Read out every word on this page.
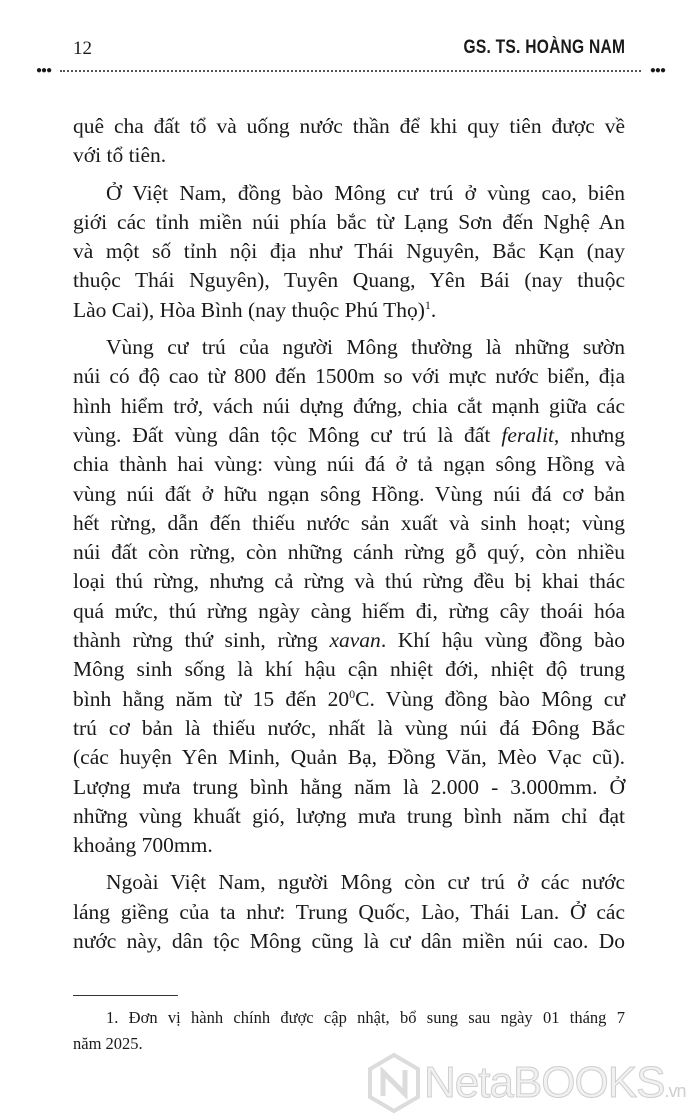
12	GS. TS. HOÀNG NAM
●●●	●●●
quê cha đất tổ và uống nước thần để khi quy tiên được về
với tổ tiên.
Ở Việt Nam, đồng bào Mông cư trú ở vùng cao, biên
giới các tỉnh miền núi phía bắc từ Lạng Sơn đến Nghệ An
và một số tỉnh nội địa như Thái Nguyên, Bắc Kạn (nay
thuộc Thái Nguyên), Tuyên Quang, Yên Bái (nay thuộc
Lào Cai), Hòa Bình (nay thuộc Phú Thọ)$^1$.
Vùng cư trú của người Mông thường là những sườn
núi có độ cao từ 800 đến 1500m so với mực nước biển, địa
hình hiểm trở, vách núi dựng đứng, chia cắt mạnh giữa các
vùng. Đất vùng dân tộc Mông cư trú là đất feralit, nhưng
chia thành hai vùng: vùng núi đá ở tả ngạn sông Hồng và
vùng núi đất ở hữu ngạn sông Hồng. Vùng núi đá cơ bản
hết rừng, dẫn đến thiếu nước sản xuất và sinh hoạt; vùng
núi đất còn rừng, còn những cánh rừng gỗ quý, còn nhiều
loại thú rừng, nhưng cả rừng và thú rừng đều bị khai thác
quá mức, thú rừng ngày càng hiếm đi, rừng cây thoái hóa
thành rừng thứ sinh, rừng xavan. Khí hậu vùng đồng bào
Mông sinh sống là khí hậu cận nhiệt đới, nhiệt độ trung
bình hằng năm từ 15 đến $20^0C$. Vùng đồng bào Mông cư
trú cơ bản là thiếu nước, nhất là vùng núi đá Đông Bắc
(các huyện Yên Minh, Quản Bạ, Đồng Văn, Mèo Vạc cũ).
Lượng mưa trung bình hằng năm là 2.000 - 3.000mm. Ở
những vùng khuất gió, lượng mưa trung bình năm chỉ đạt
khoảng 700mm.
Ngoài Việt Nam, người Mông còn cư trú ở các nước
láng giềng của ta như: Trung Quốc, Lào, Thái Lan. Ở các
nước này, dân tộc Mông cũng là cư dân miền núi cao. Do
1. Đơn vị hành chính được cập nhật, bổ sung sau ngày 01 tháng 7
năm 2025.
NetaBOOKS.vn
